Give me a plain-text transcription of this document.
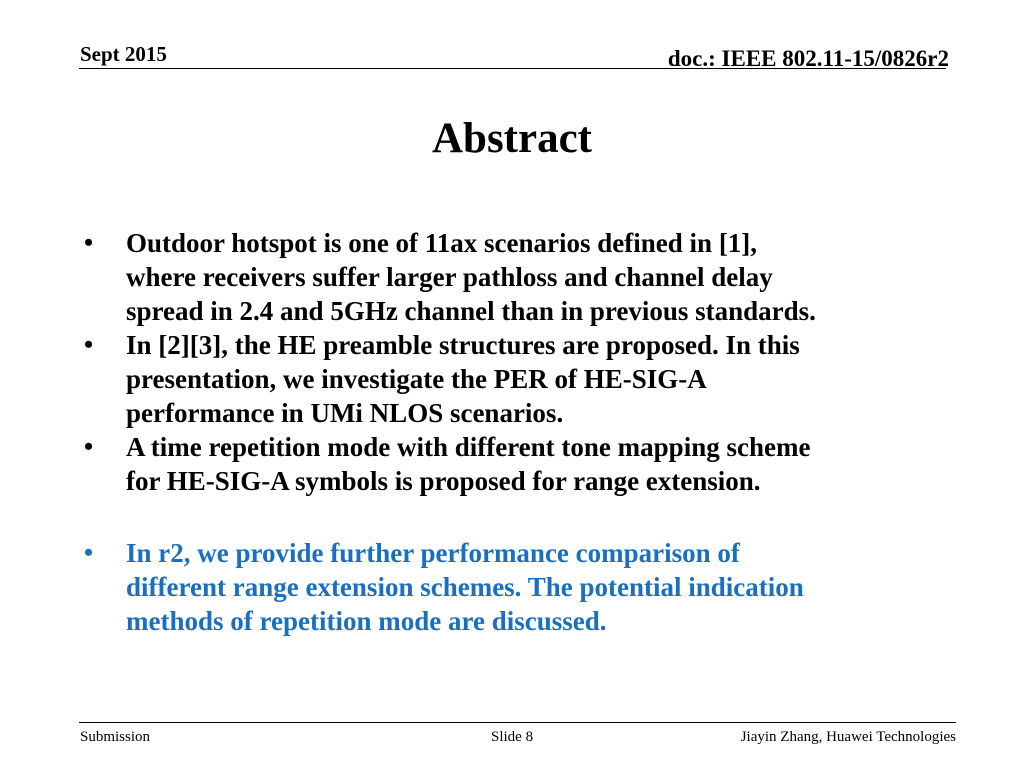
Sept 2015	doc.: IEEE 802.11-15/0826r2
Abstract
•	Outdoor hotspot is one of 11ax scenarios defined in [1],
where receivers suffer larger pathloss and channel delay
spread in 2.4 and 5GHz channel than in previous standards.
•	In [2][3], the HE preamble structures are proposed. In this
presentation, we investigate the PER of HE-SIG-A
performance in UMi NLOS scenarios.
•	A time repetition mode with different tone mapping scheme
for HE-SIG-A symbols is proposed for range extension.
•	In r2, we provide further performance comparison of
different range extension schemes. The potential indication
methods of repetition mode are discussed.
Submission	Slide 8	Jiayin Zhang, Huawei Technologies
